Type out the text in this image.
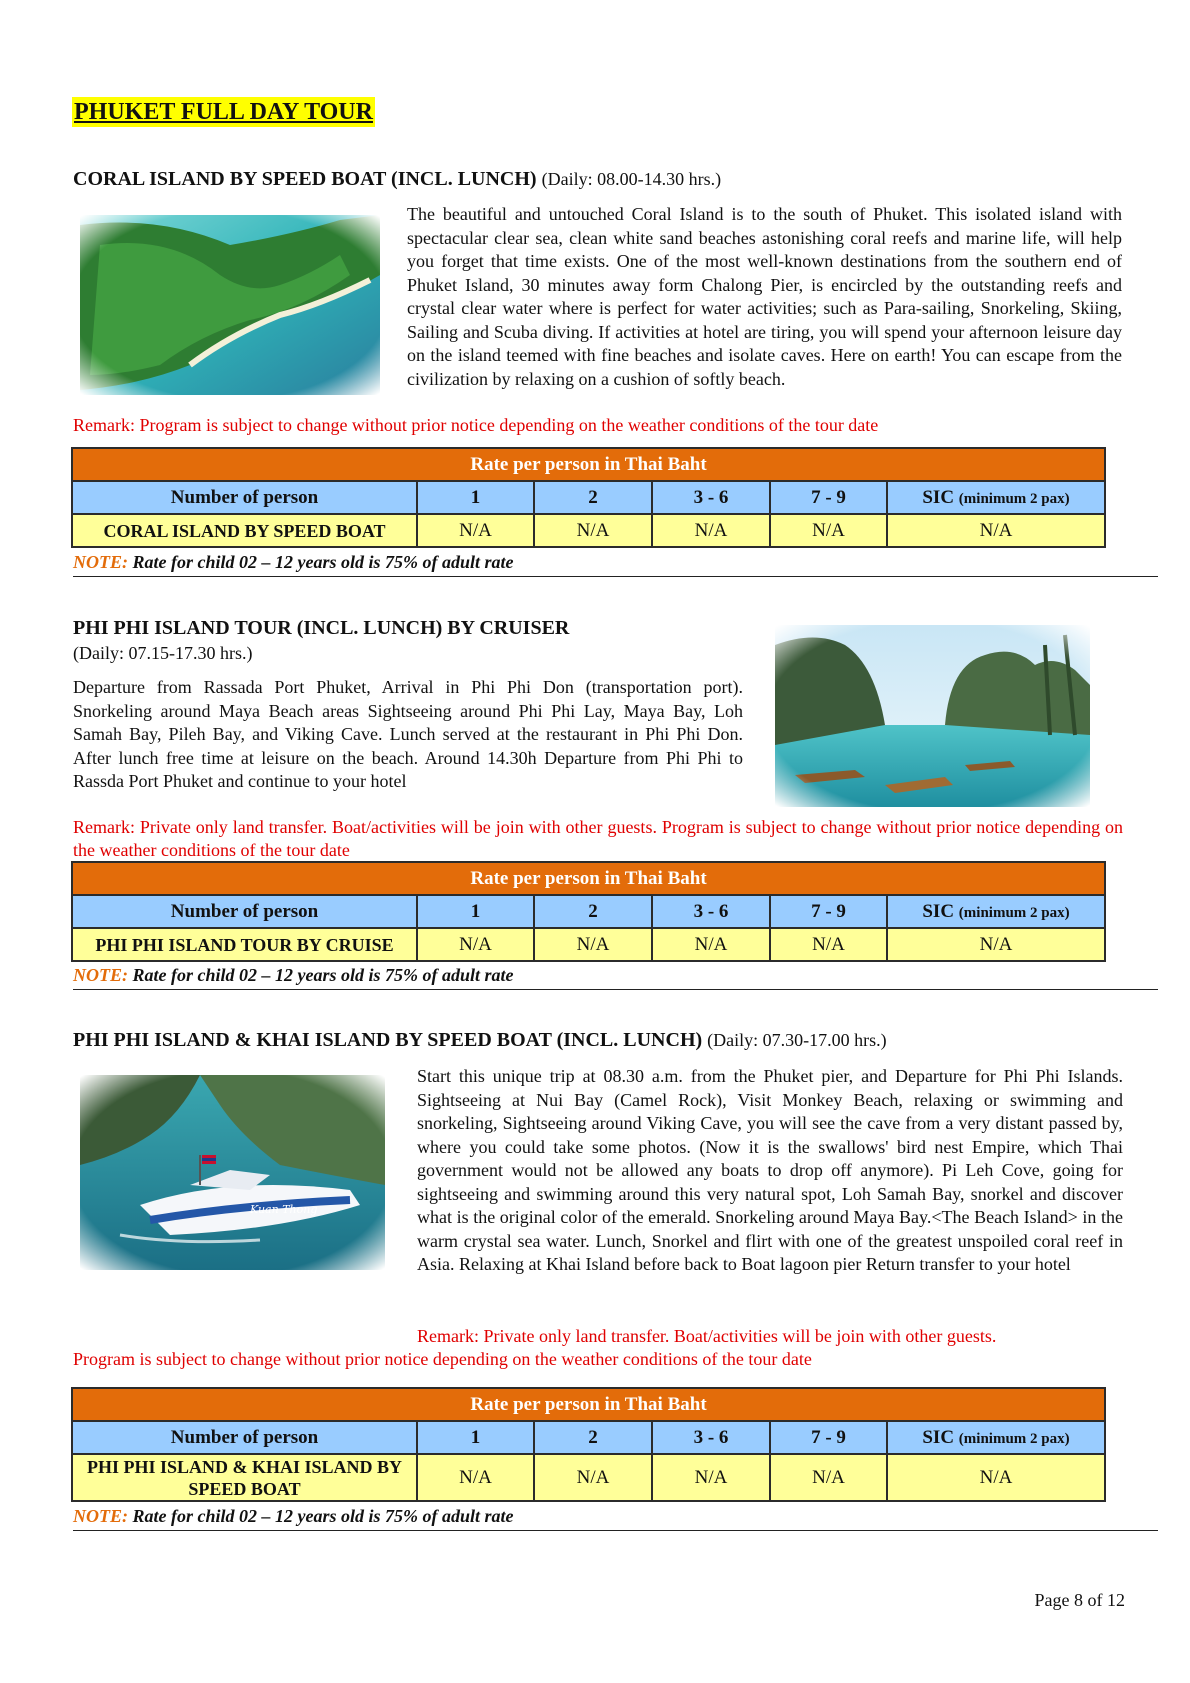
PHUKET FULL DAY TOUR
CORAL ISLAND BY SPEED BOAT (INCL. LUNCH) (Daily: 08.00-14.30 hrs.)
The beautiful and untouched Coral Island is to the south of Phuket. This isolated island with spectacular clear sea, clean white sand beaches astonishing coral reefs and marine life, will help you forget that time exists. One of the most well-known destinations from the southern end of Phuket Island, 30 minutes away form Chalong Pier, is encircled by the outstanding reefs and crystal clear water where is perfect for water activities; such as Para-sailing, Snorkeling, Skiing, Sailing and Scuba diving. If activities at hotel are tiring, you will spend your afternoon leisure day on the island teemed with fine beaches and isolate caves. Here on earth! You can escape from the civilization by relaxing on a cushion of softly beach.
Remark: Program is subject to change without prior notice depending on the weather conditions of the tour date
Rate per person in Thai Baht					
Number of person	1	2	3 - 6	7 - 9	SIC (minimum 2 pax)
CORAL ISLAND BY SPEED BOAT	N/A	N/A	N/A	N/A	N/A
NOTE: Rate for child 02 – 12 years old is 75% of adult rate
PHI PHI ISLAND TOUR (INCL. LUNCH) BY CRUISER
(Daily: 07.15-17.30 hrs.)
Departure from Rassada Port Phuket, Arrival in Phi Phi Don (transportation port). Snorkeling around Maya Beach areas Sightseeing around Phi Phi Lay, Maya Bay, Loh Samah Bay, Pileh Bay, and Viking Cave. Lunch served at the restaurant in Phi Phi Don. After lunch free time at leisure on the beach. Around 14.30h Departure from Phi Phi to Rassda Port Phuket and continue to your hotel
Remark: Private only land transfer. Boat/activities will be join with other guests. Program is subject to change without prior notice depending on the weather conditions of the tour date
Rate per person in Thai Baht					
Number of person	1	2	3 - 6	7 - 9	SIC (minimum 2 pax)
PHI PHI ISLAND TOUR BY CRUISE	N/A	N/A	N/A	N/A	N/A
NOTE: Rate for child 02 – 12 years old is 75% of adult rate
PHI PHI ISLAND & KHAI ISLAND BY SPEED BOAT (INCL. LUNCH) (Daily: 07.30-17.00 hrs.)
Start this unique trip at 08.30 a.m. from the Phuket pier, and Departure for Phi Phi Islands. Sightseeing at Nui Bay (Camel Rock), Visit Monkey Beach, relaxing or swimming and snorkeling, Sightseeing around Viking Cave, you will see the cave from a very distant passed by, where you could take some photos. (Now it is the swallows' bird nest Empire, which Thai government would not be allowed any boats to drop off anymore). Pi Leh Cove, going for sightseeing and swimming around this very natural spot, Loh Samah Bay, snorkel and discover what is the original color of the emerald. Snorkeling around Maya Bay.<The Beach Island> in the warm crystal sea water. Lunch, Snorkel and flirt with one of the greatest unspoiled coral reef in Asia. Relaxing at Khai Island before back to Boat lagoon pier Return transfer to your hotel
Remark: Private only land transfer. Boat/activities will be join with other guests.
Program is subject to change without prior notice depending on the weather conditions of the tour date
Rate per person in Thai Baht					
Number of person	1	2	3 - 6	7 - 9	SIC (minimum 2 pax)
PHI PHI ISLAND & KHAI ISLAND BY SPEED BOAT	N/A	N/A	N/A	N/A	N/A
NOTE: Rate for child 02 – 12 years old is 75% of adult rate
Page 8 of 12
